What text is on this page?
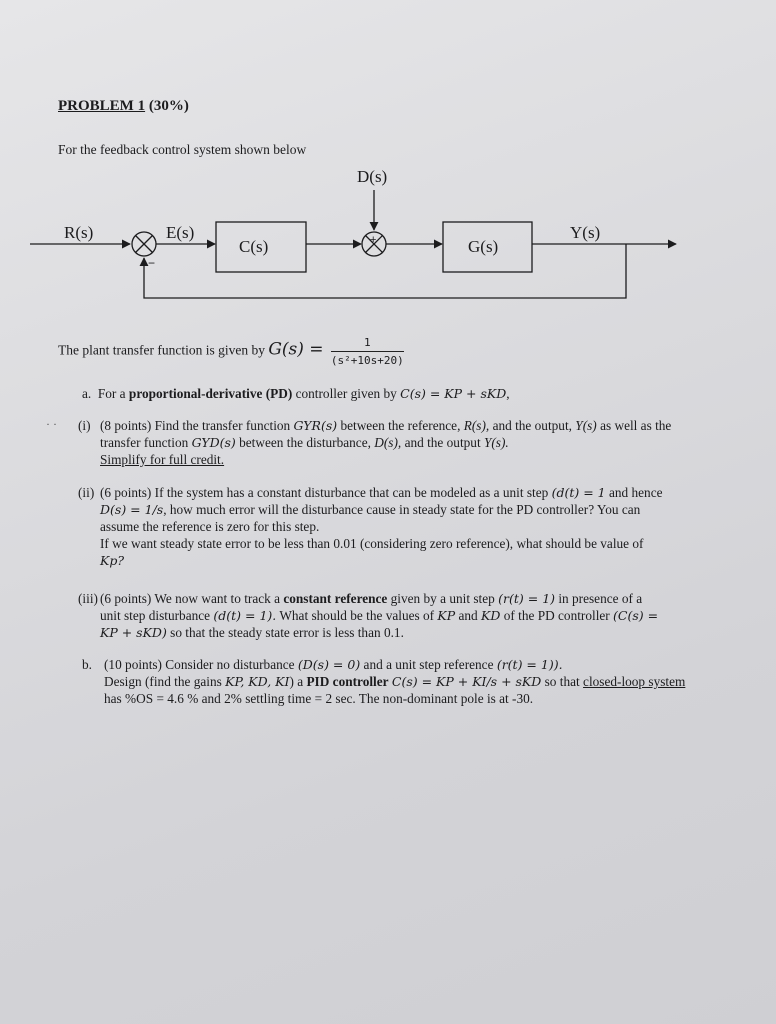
PROBLEM 1 (30%)
For the feedback control system shown below
R(s)	E(s)
C(s)
D(s)
G(s)
Y(s)
+
−
The plant transfer function is given by $G(s) = \frac{1}{\text{(s²+10s+20)}}$
a. For a proportional-derivative (PD) controller given by C(s) = KP + sKD,
· · (i) (8 points) Find the transfer function GYR(s) between the reference, R(s), and the output, Y(s) as well as the
transfer function GYD(s) between the disturbance, D(s), and the output Y(s).
Simplify for full credit.
(ii) (6 points) If the system has a constant disturbance that can be modeled as a unit step (d(t) = 1 and hence
D(s) = 1/s, how much error will the disturbance cause in steady state for the PD controller? You can
assume the reference is zero for this step.
If we want steady state error to be less than 0.01 (considering zero reference), what should be value of
Kp?
(iii) (6 points) We now want to track a constant reference given by a unit step (r(t) = 1) in presence of a
unit step disturbance (d(t) = 1). What should be the values of KP and KD of the PD controller (C(s) =
KP + sKD) so that the steady state error is less than 0.1.
b. (10 points) Consider no disturbance (D(s) = 0) and a unit step reference (r(t) = 1)).
Design (find the gains KP, KD, KI) a PID controller C(s) = KP + KI/s + sKD so that closed-loop system
has %OS = 4.6 % and 2% settling time = 2 sec. The non-dominant pole is at -30.
